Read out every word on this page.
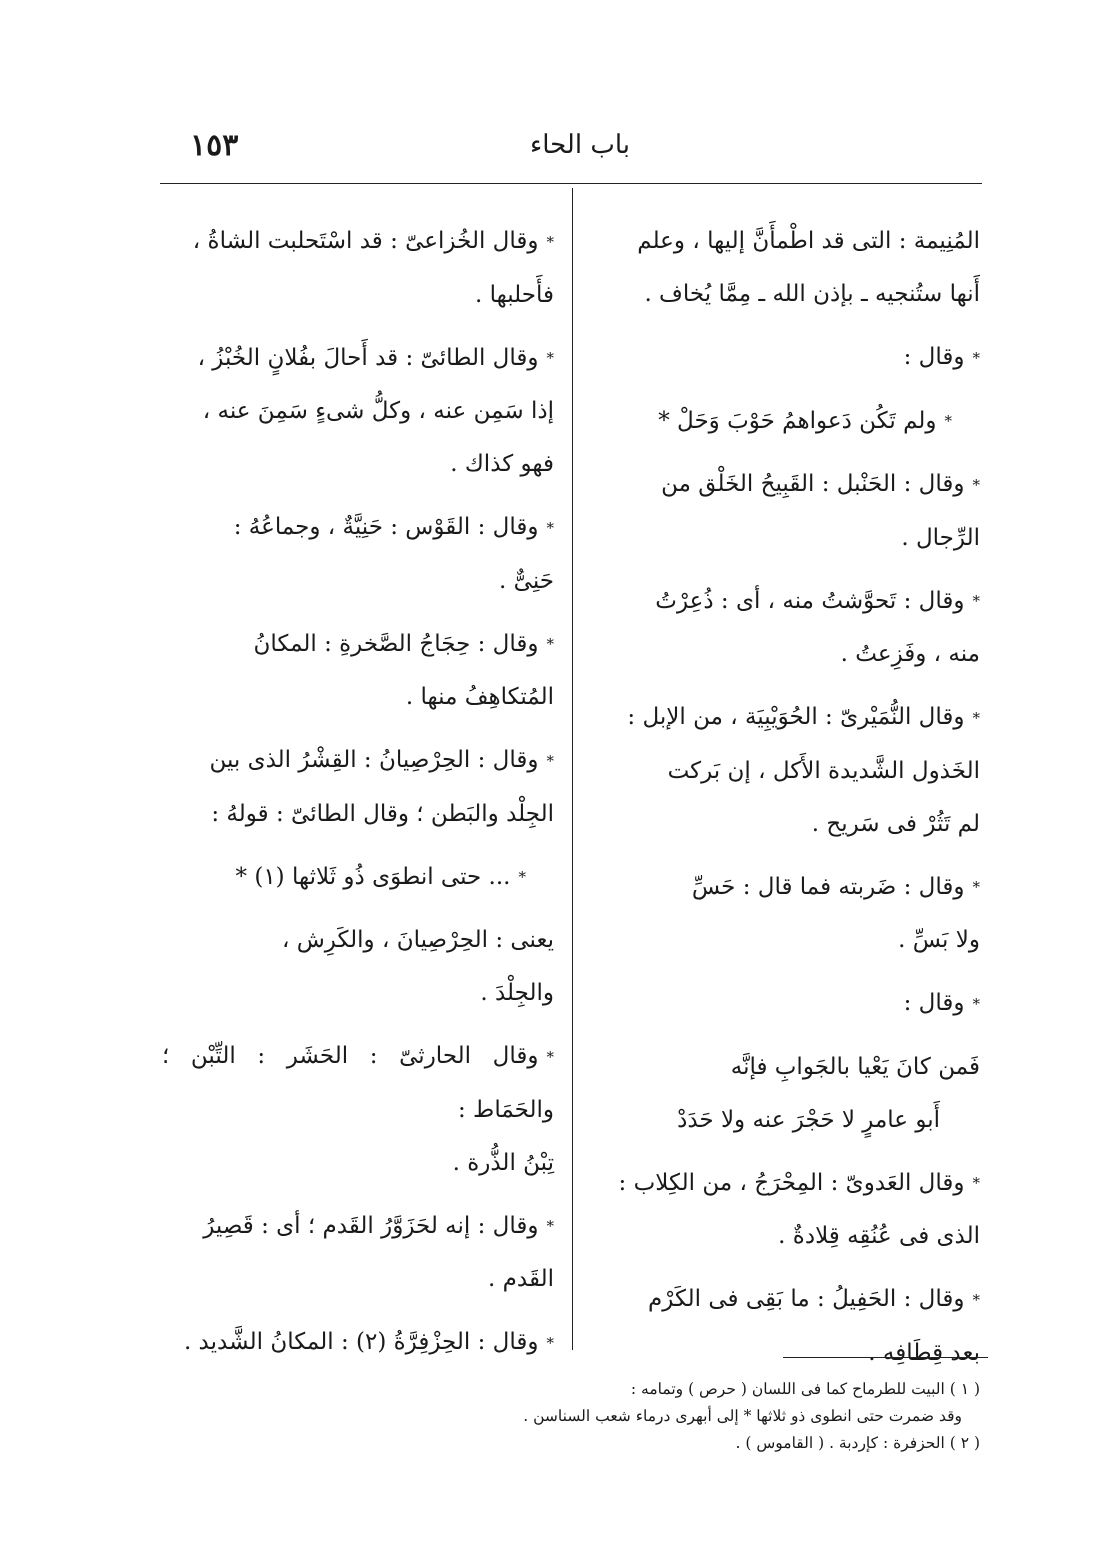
١٥٣	باب الحاء
المُنِيمة : التى قد اطْمأَنَّ إليها ، وعلم
أَنها ستُنجيه ـ بإذن الله ـ مِمَّا يُخاف .
*وقال :
*ولم تَكُن دَعواهمُ حَوْبَ وَحَلْ *
*وقال : الحَنْبل : القَبِيحُ الخَلْق من
الرِّجال .
*وقال : تَحوَّشتُ منه ، أى : ذُعِرْتُ
منه ، وفَزِعتُ .
*وقال النُّمَيْرىّ : الحُوَيْبِيَة ، من الإبل :
الخَذول الشَّديدة الأَكل ، إن بَركت
لم تَثُرْ فى سَريح .
*وقال : ضَربته فما قال : حَسِّ
ولا بَسِّ .
*وقال :
فَمن كانَ يَعْيا بالجَوابِ فإنَّه
أَبو عامرٍ لا حَجْرَ عنه ولا حَدَدْ
*وقال العَدوىّ : المِحْرَجُ ، من الكِلاب :
الذى فى عُنُقِه قِلادةٌ .
*وقال : الحَفِيلُ : ما بَقِى فى الكَرْم
بعد قِطَافِه .
*وقال الخُزاعىّ : قد اسْتَحلبت الشاةُ ،
فأَحلبها .
*وقال الطائىّ : قد أَحالَ بفُلانٍ الخُبْزُ ،
إذا سَمِن عنه ، وكلُّ شىءٍ سَمِنَ عنه ،
فهو كذاك .
*وقال : القَوْس : حَنِيَّةٌ ، وجماعُهُ :
حَنِىٌّ .
*وقال : حِجَاجُ الصَّخرةِ : المكانُ
المُتكاهِفُ منها .
*وقال : الحِرْصِيانُ : القِشْرُ الذى بين
الجِلْد والبَطن ؛ وقال الطائىّ : قولهُ :
*... حتى انطوَى ذُو ثَلاثها (١) *
يعنى : الحِرْصِيانَ ، والكَرِش ،
والجِلْدَ .
*وقال الحارثىّ : الحَشَر : التِّبْن ؛ والحَمَاط :
تِبْنُ الذُّرة .
*وقال : إنه لحَزَوَّرُ القَدم ؛ أى : قَصِيرُ
القَدم .
*وقال : الحِزْفِرَّةُ (٢) : المكانُ الشَّديد .
( ١ ) البيت للطرماح كما فى اللسان ( حرص ) وتمامه :
وقد ضمرت حتى انطوى ذو ثلاثها * إلى أبهرى درماء شعب السناسن .
( ٢ ) الحزفرة : كإردبة . ( القاموس ) .
